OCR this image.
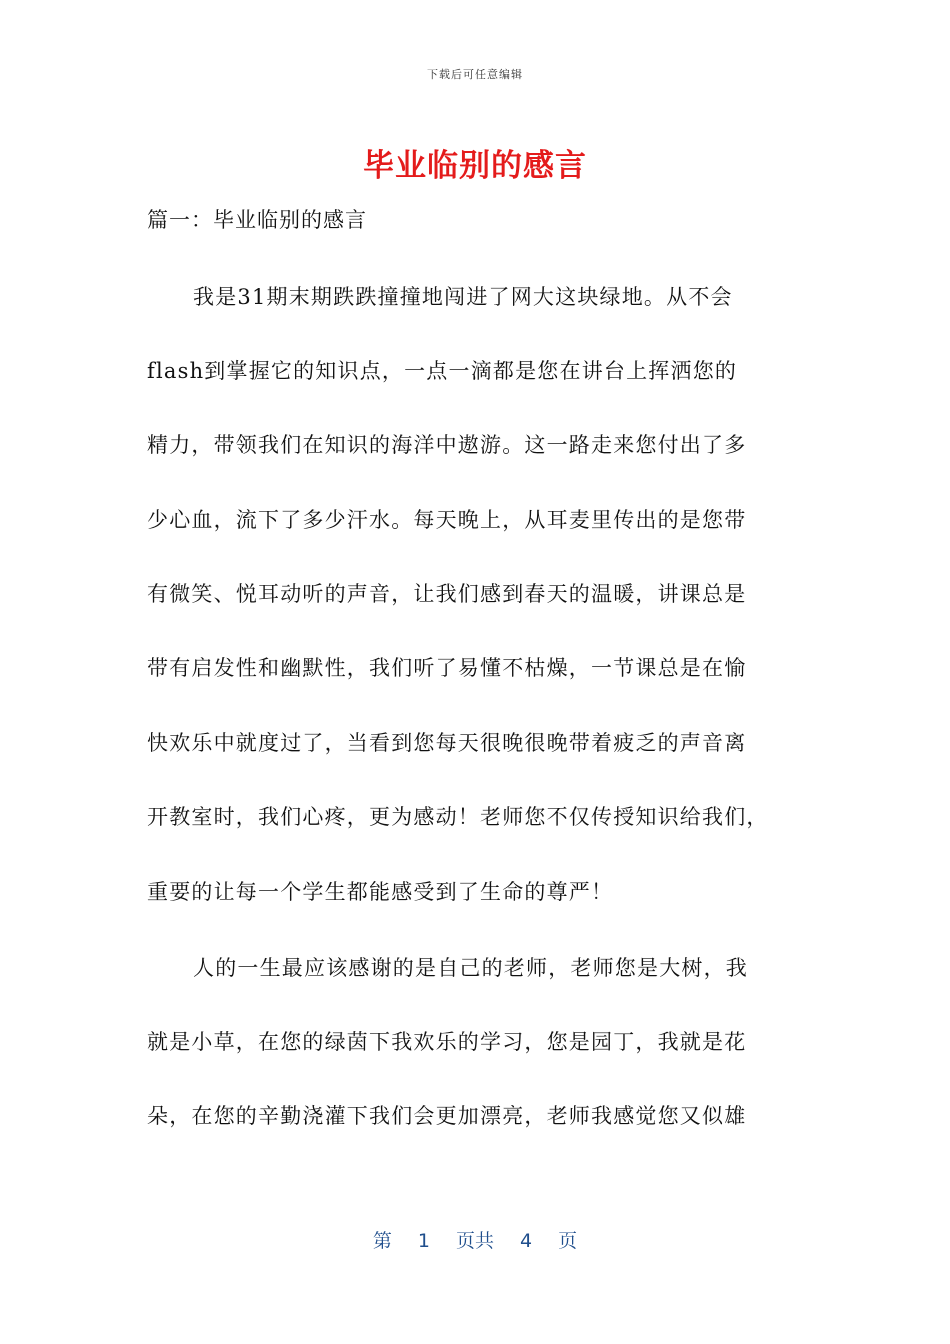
下载后可任意编辑
毕业临别的感言
篇一：毕业临别的感言
我是31期末期跌跌撞撞地闯进了网大这块绿地。从不会
flash到掌握它的知识点，一点一滴都是您在讲台上挥洒您的
精力，带领我们在知识的海洋中遨游。这一路走来您付出了多
少心血，流下了多少汗水。每天晚上，从耳麦里传出的是您带
有微笑、悦耳动听的声音，让我们感到春天的温暖，讲课总是
带有启发性和幽默性，我们听了易懂不枯燥，一节课总是在愉
快欢乐中就度过了，当看到您每天很晚很晚带着疲乏的声音离
开教室时，我们心疼，更为感动！老师您不仅传授知识给我们，
重要的让每一个学生都能感受到了生命的尊严！
人的一生最应该感谢的是自己的老师，老师您是大树，我
就是小草，在您的绿茵下我欢乐的学习，您是园丁，我就是花
朵，在您的辛勤浇灌下我们会更加漂亮，老师我感觉您又似雄
第 1 页共 4 页
